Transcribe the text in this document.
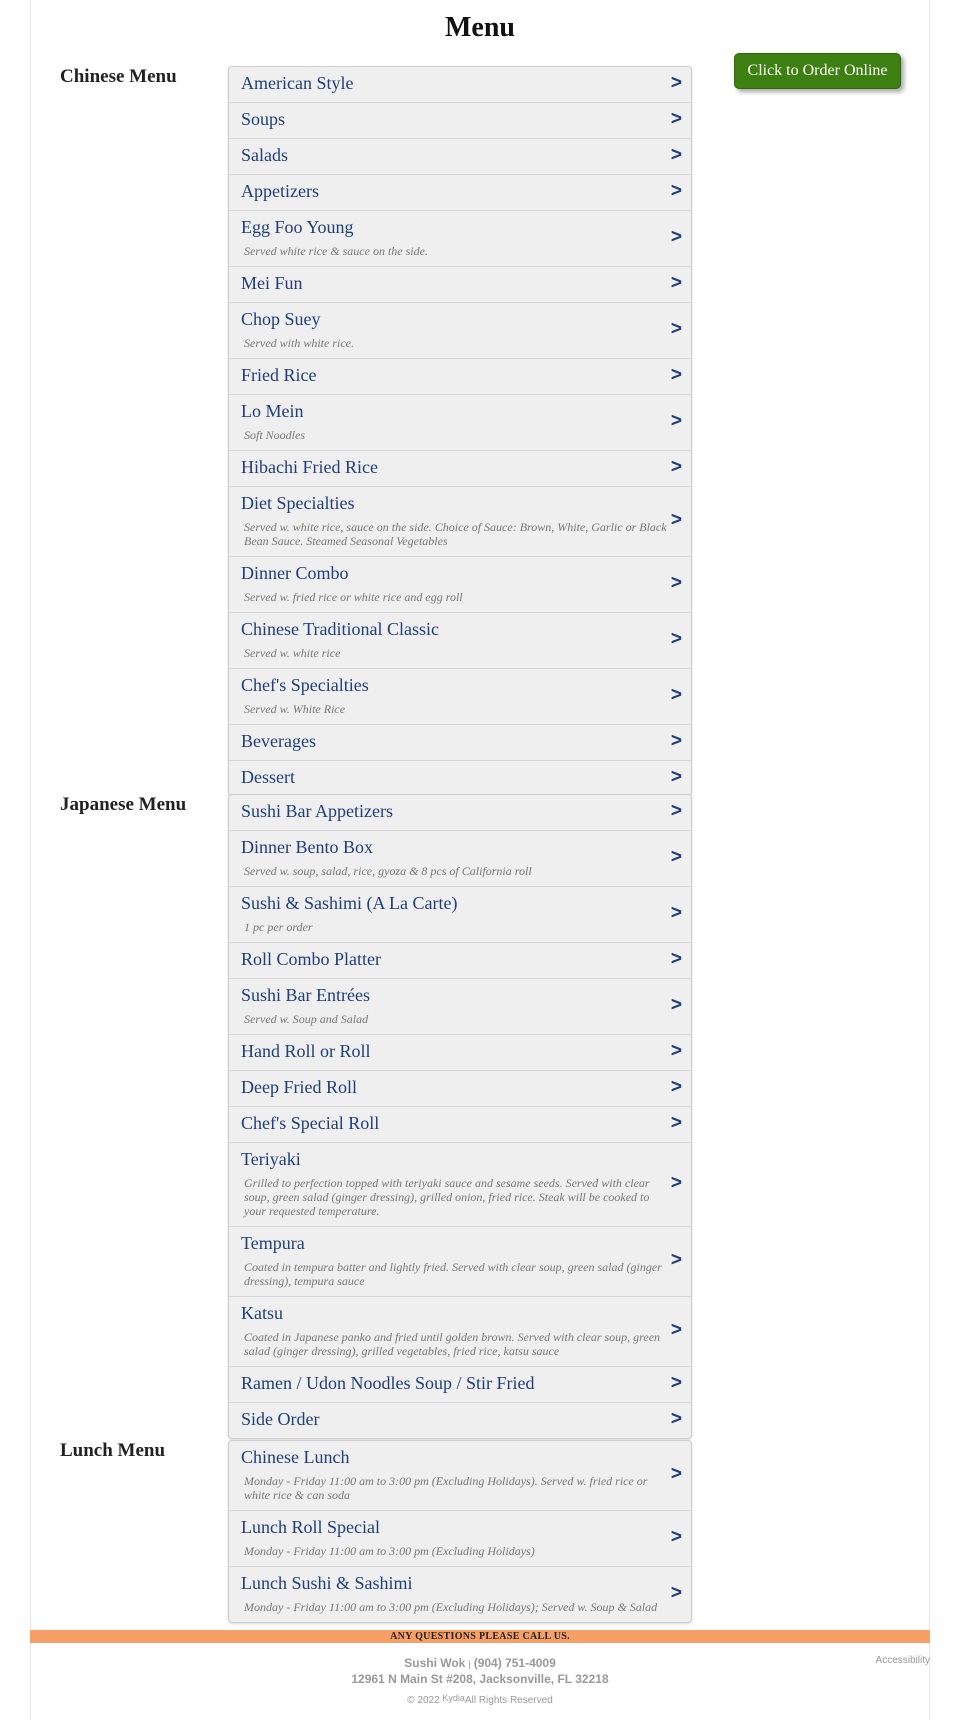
Menu
Click to Order Online
Chinese Menu	American Style	>
Soups	>
Salads	>
Appetizers	>
Egg Foo Young
Served white rice & sauce on the side.
>
Mei Fun	>
Chop Suey
Served with white rice.
>
Fried Rice	>
Lo Mein
Soft Noodles
>
Hibachi Fried Rice	>
Diet Specialties
Served w. white rice, sauce on the side. Choice of Sauce: Brown, White, Garlic or Black Bean Sauce. Steamed Seasonal Vegetables
>
Dinner Combo
Served w. fried rice or white rice and egg roll
>
Chinese Traditional Classic
Served w. white rice
>
Chef's Specialties
Served w. White Rice
>
Beverages	>
Dessert	>
Japanese Menu	Sushi Bar Appetizers	>
Dinner Bento Box
Served w. soup, salad, rice, gyoza & 8 pcs of California roll
>
Sushi & Sashimi (A La Carte)
1 pc per order
>
Roll Combo Platter	>
Sushi Bar Entrées
Served w. Soup and Salad
>
Hand Roll or Roll	>
Deep Fried Roll	>
Chef's Special Roll	>
Teriyaki
Grilled to perfection topped with teriyaki sauce and sesame seeds. Served with clear soup, green salad (ginger dressing), grilled onion, fried rice. Steak will be cooked to your requested temperature.
>
Tempura
Coated in tempura batter and lightly fried. Served with clear soup, green salad (ginger dressing), tempura sauce
>
Katsu
Coated in Japanese panko and fried until golden brown. Served with clear soup, green salad (ginger dressing), grilled vegetables, fried rice, katsu sauce
>
Ramen / Udon Noodles Soup / Stir Fried	>
Side Order	>
Lunch Menu	Chinese Lunch
Monday - Friday 11:00 am to 3:00 pm (Excluding Holidays). Served w. fried rice or white rice & can soda
>
Lunch Roll Special
Monday - Friday 11:00 am to 3:00 pm (Excluding Holidays)
>
Lunch Sushi & Sashimi
Monday - Friday 11:00 am to 3:00 pm (Excluding Holidays); Served w. Soup & Salad
>
ANY QUESTIONS PLEASE CALL US.
Sushi Wok | (904) 751-4009
12961 N Main St #208, Jacksonville, FL 32218
© 2022 KydiaAll Rights Reserved
Accessibility
